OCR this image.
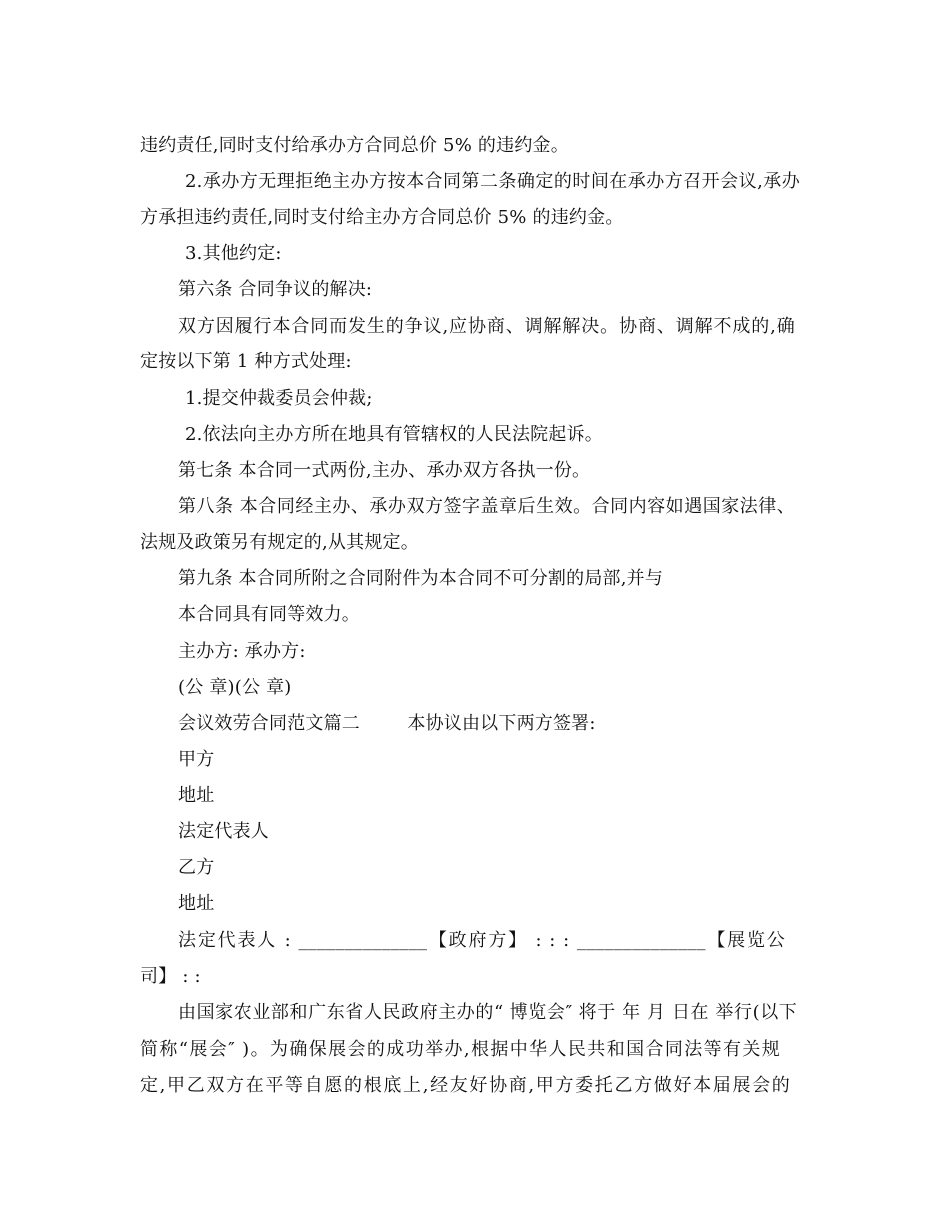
违约责任,同时支付给承办方合同总价 5% 的违约金。
2.承办方无理拒绝主办方按本合同第二条确定的时间在承办方召开会议,承办
方承担违约责任,同时支付给主办方合同总价 5% 的违约金。
3.其他约定:
第六条 合同争议的解决:
双方因履行本合同而发生的争议,应协商、调解解决。协商、调解不成的,确
定按以下第 1 种方式处理:
1.提交仲裁委员会仲裁;
2.依法向主办方所在地具有管辖权的人民法院起诉。
第七条 本合同一式两份,主办、承办双方各执一份。
第八条 本合同经主办、承办双方签字盖章后生效。合同内容如遇国家法律、
法规及政策另有规定的,从其规定。
第九条 本合同所附之合同附件为本合同不可分割的局部,并与
本合同具有同等效力。
主办方: 承办方:
(公 章)(公 章)
会议效劳合同范文篇二        本协议由以下两方签署:
甲方
地址
法定代表人
乙方
地址
法定代表人 : ______________【政府方】 : : : ______________【展览公
司】 : :
由国家农业部和广东省人民政府主办的“ 博览会″ 将于 年 月 日在 举行(以下
简称“展会″ )。为确保展会的成功举办,根据中华人民共和国合同法等有关规
定,甲乙双方在平等自愿的根底上,经友好协商,甲方委托乙方做好本届展会的
